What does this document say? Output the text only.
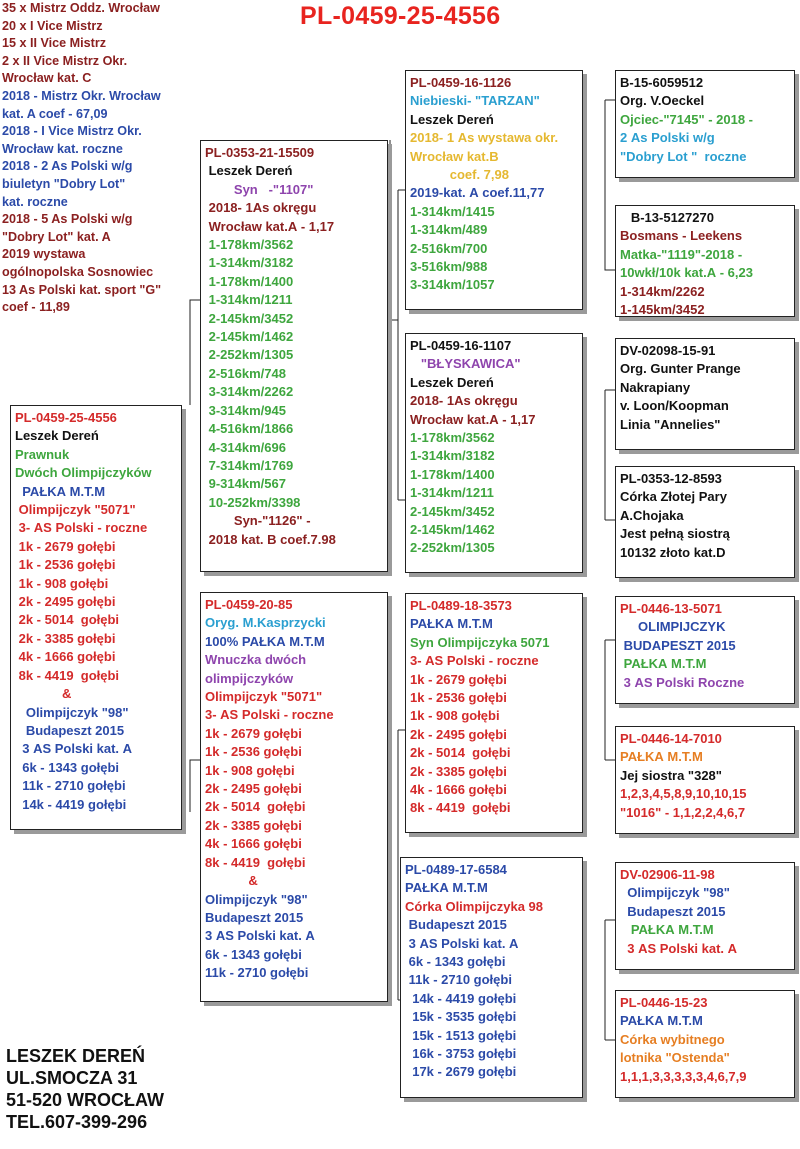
PL-0459-25-4556
35 x Mistrz Oddz. Wrocław
20 x I Vice Mistrz
15 x II Vice Mistrz
2 x II Vice Mistrz Okr.
Wrocław kat. C
2018 - Mistrz Okr. Wrocław
kat. A coef - 67,09
2018 - I Vice Mistrz Okr.
Wrocław kat. roczne
2018 - 2 As Polski w/g
biuletyn "Dobry Lot"
kat. roczne
2018 - 5 As Polski w/g
"Dobry Lot" kat. A
2019 wystawa
ogólnopolska Sosnowiec
13 As Polski kat. sport "G"
coef - 11,89
PL-0459-25-4556
Leszek Dereń
Prawnuk
Dwóch Olimpijczyków
PAŁKA M.T.M
Olimpijczyk "5071"
3- AS Polski - roczne
1k - 2679 gołębi
1k - 2536 gołębi
1k - 908 gołębi
2k - 2495 gołębi
2k - 5014  gołębi
2k - 3385 gołębi
4k - 1666 gołębi
8k - 4419  gołębi
&
Olimpijczyk "98"
Budapeszt 2015
3 AS Polski kat. A
6k - 1343 gołębi
11k - 2710 gołębi
14k - 4419 gołębi
PL-0353-21-15509
Leszek Dereń
Syn   -"1107"
2018- 1As okręgu
Wrocław kat.A - 1,17
1-178km/3562
1-314km/3182
1-178km/1400
1-314km/1211
2-145km/3452
2-145km/1462
2-252km/1305
2-516km/748
3-314km/2262
3-314km/945
4-516km/1866
4-314km/696
7-314km/1769
9-314km/567
10-252km/3398
Syn-"1126" -
2018 kat. B coef.7.98
PL-0459-20-85
Oryg. M.Kasprzycki
100% PAŁKA M.T.M
Wnuczka dwóch
olimpijczyków
Olimpijczyk "5071"
3- AS Polski - roczne
1k - 2679 gołębi
1k - 2536 gołębi
1k - 908 gołębi
2k - 2495 gołębi
2k - 5014  gołębi
2k - 3385 gołębi
4k - 1666 gołębi
8k - 4419  gołębi
&
Olimpijczyk "98"
Budapeszt 2015
3 AS Polski kat. A
6k - 1343 gołębi
11k - 2710 gołębi
PL-0459-16-1126
Niebieski- "TARZAN"
Leszek Dereń
2018- 1 As wystawa okr.
Wrocław kat.B
coef. 7,98
2019-kat. A coef.11,77
1-314km/1415
1-314km/489
2-516km/700
3-516km/988
3-314km/1057
PL-0459-16-1107
"BŁYSKAWICA"
Leszek Dereń
2018- 1As okręgu
Wrocław kat.A - 1,17
1-178km/3562
1-314km/3182
1-178km/1400
1-314km/1211
2-145km/3452
2-145km/1462
2-252km/1305
PL-0489-18-3573
PAŁKA M.T.M
Syn Olimpijczyka 5071
3- AS Polski - roczne
1k - 2679 gołębi
1k - 2536 gołębi
1k - 908 gołębi
2k - 2495 gołębi
2k - 5014  gołębi
2k - 3385 gołębi
4k - 1666 gołębi
8k - 4419  gołębi
PL-0489-17-6584
PAŁKA M.T.M
Córka Olimpijczyka 98
Budapeszt 2015
3 AS Polski kat. A
6k - 1343 gołębi
11k - 2710 gołębi
14k - 4419 gołębi
15k - 3535 gołębi
15k - 1513 gołębi
16k - 3753 gołębi
17k - 2679 gołębi
B-15-6059512
Org. V.Oeckel
Ojciec-"7145" - 2018 -
2 As Polski w/g
"Dobry Lot "  roczne
B-13-5127270
Bosmans - Leekens
Matka-"1119"-2018 -
10wkł/10k kat.A - 6,23
1-314km/2262
1-145km/3452
DV-02098-15-91
Org. Gunter Prange
Nakrapiany
v. Loon/Koopman
Linia "Annelies"
PL-0353-12-8593
Córka Złotej Pary
A.Chojaka
Jest pełną siostrą
10132 złoto kat.D
PL-0446-13-5071
OLIMPIJCZYK
BUDAPESZT 2015
PAŁKA M.T.M
3 AS Polski Roczne
PL-0446-14-7010
PAŁKA M.T.M
Jej siostra "328"
1,2,3,4,5,8,9,10,10,15
"1016" - 1,1,2,2,4,6,7
DV-02906-11-98
Olimpijczyk "98"
Budapeszt 2015
PAŁKA M.T.M
3 AS Polski kat. A
PL-0446-15-23
PAŁKA M.T.M
Córka wybitnego
lotnika "Ostenda"
1,1,1,3,3,3,3,3,4,6,7,9
LESZEK DEREŃ
UL.SMOCZA 31
51-520 WROCŁAW
TEL.607-399-296
